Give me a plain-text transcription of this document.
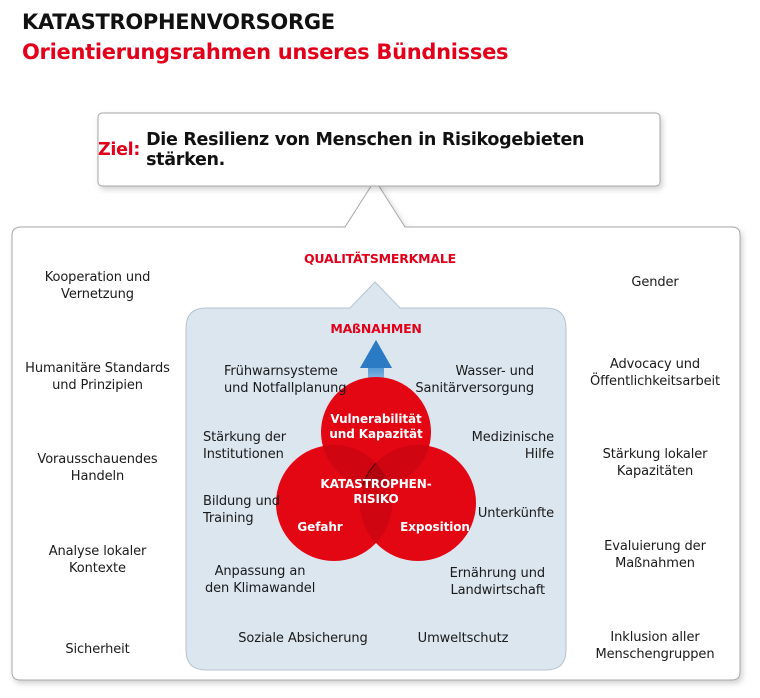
KATASTROPHENVORSORGE
Orientierungsrahmen unseres Bündnisses
Ziel: Die Resilienz von Menschen in Risikogebieten stärken.
QUALITÄTSMERKMALE
MAßNAHMEN
Kooperation und
Vernetzung
Humanitäre Standards
und Prinzipien
Vorausschauendes
Handeln
Analyse lokaler
Kontexte
Sicherheit
Gender
Advocacy und
Öffentlichkeitsarbeit
Stärkung lokaler
Kapazitäten
Evaluierung der
Maßnahmen
Inklusion aller
Menschengruppen
Frühwarnsysteme
und Notfallplanung
Stärkung der
Institutionen
Bildung und
Training
Anpassung an
den Klimawandel
Wasser- und
Sanitärversorgung
Medizinische
Hilfe
Unterkünfte
Ernährung und
Landwirtschaft
Soziale Absicherung	Umweltschutz
Vulnerabilität
und Kapazität
KATASTROPHEN-
RISIKO
Gefahr	Exposition
